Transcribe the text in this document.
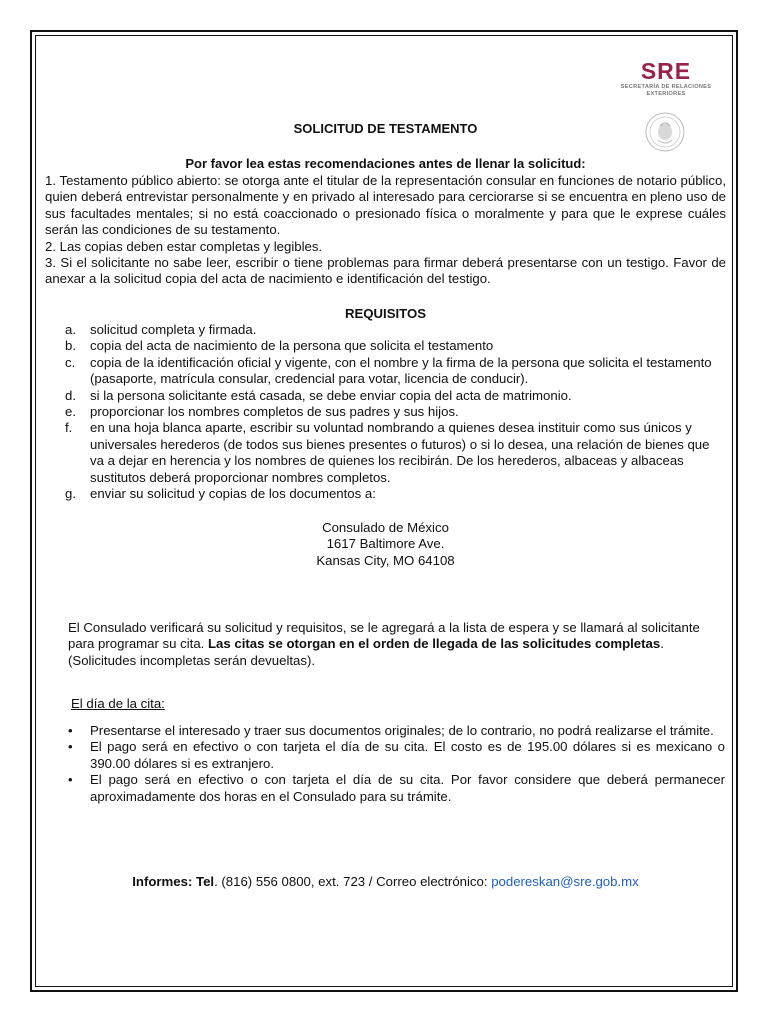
SRE
SECRETARÍA DE RELACIONES
EXTERIORES
SOLICITUD DE TESTAMENTO
Por favor lea estas recomendaciones antes de llenar la solicitud:

1. Testamento público abierto: se otorga ante el titular de la representación consular en funciones de notario público, quien deberá entrevistar personalmente y en privado al interesado para cerciorarse si se encuentra en pleno uso de sus facultades mentales; si no está coaccionado o presionado física o moralmente y para que le exprese cuáles serán las condiciones de su testamento.

2. Las copias deben estar completas y legibles.

3. Si el solicitante no sabe leer, escribir o tiene problemas para firmar deberá presentarse con un testigo. Favor de anexar a la solicitud copia del acta de nacimiento e identificación del testigo.

REQUISITOS
a.	solicitud completa y firmada.
b.	copia del acta de nacimiento de la persona que solicita el testamento
c.	copia de la identificación oficial y vigente, con el nombre y la firma de la persona que solicita el testamento (pasaporte, matrícula consular, credencial para votar, licencia de conducir).
d.	si la persona solicitante está casada, se debe enviar copia del acta de matrimonio.
e.	proporcionar los nombres completos de sus padres y sus hijos.
f.	en una hoja blanca aparte, escribir su voluntad nombrando a quienes desea instituir como sus únicos y universales herederos (de todos sus bienes presentes o futuros) o si lo desea, una relación de bienes que va a dejar en herencia y los nombres de quienes los recibirán. De los herederos, albaceas y albaceas sustitutos deberá proporcionar nombres completos.
g.	enviar su solicitud y copias de los documentos a:
Consulado de México
1617 Baltimore Ave.
Kansas City, MO 64108
El Consulado verificará su solicitud y requisitos, se le agregará a la lista de espera y se llamará al solicitante para programar su cita. Las citas se otorgan en el orden de llegada de las solicitudes completas. (Solicitudes incompletas serán devueltas).
El día de la cita:
•	Presentarse el interesado y traer sus documentos originales; de lo contrario, no podrá realizarse el trámite.
•	El pago será en efectivo o con tarjeta el día de su cita. El costo es de 195.00 dólares si es mexicano o 390.00 dólares si es extranjero.
•	El pago será en efectivo o con tarjeta el día de su cita. Por favor considere que deberá permanecer aproximadamente dos horas en el Consulado para su trámite.
Informes: Tel. (816) 556 0800, ext. 723 / Correo electrónico: podereskan@sre.gob.mx
